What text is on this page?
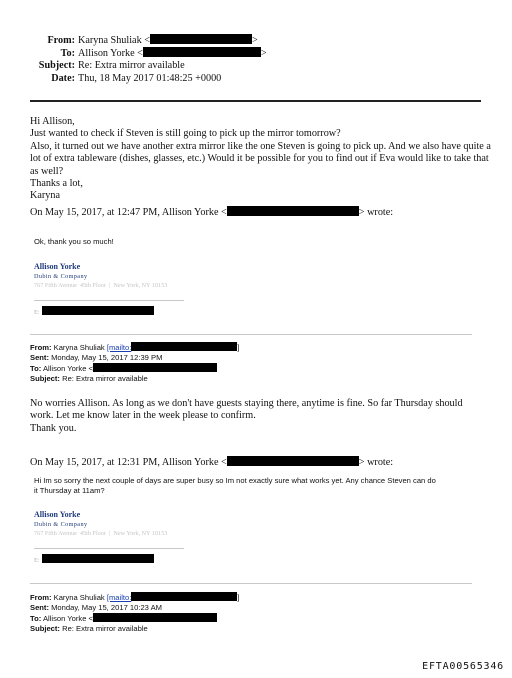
From: Karyna Shuliak <	>
To: Allison Yorke <	>
Subject: Re: Extra mirror available
Date: Thu, 18 May 2017 01:48:25 +0000

Hi Allison,

Just wanted to check if Steven is still going to pick up the mirror tomorrow?

Also, it turned out we have another extra mirror like the one Steven is going to pick up. And we also have quite a

lot of extra tableware (dishes, glasses, etc.) Would it be possible for you to find out if Eva would like to take that

as well?

Thanks a lot,

Karyna

On May 15, 2017, at 12:47 PM, Allison Yorke <	> wrote:
Ok, thank you so much!
Allison Yorke
Dubin & Company
767 Fifth Avenue 45th Floor  |  New York, NY 10153
E:
From: Karyna Shuliak [mailto:	]
Sent: Monday, May 15, 2017 12:39 PM
To: Allison Yorke <
Subject: Re: Extra mirror available

No worries Allison. As long as we don't have guests staying there, anytime is fine. So far Thursday should

work. Let me know later in the week please to confirm.

Thank you.

On May 15, 2017, at 12:31 PM, Allison Yorke <	> wrote:
Hi Im so sorry the next couple of days are super busy so Im not exactly sure what works yet. Any chance Steven can do
it Thursday at 11am?
Allison Yorke
Dubin & Company
767 Fifth Avenue 45th Floor  |  New York, NY 10153
E:
From: Karyna Shuliak [mailto:	]
Sent: Monday, May 15, 2017 10:23 AM
To: Allison Yorke <
Subject: Re: Extra mirror available
EFTA00565346
